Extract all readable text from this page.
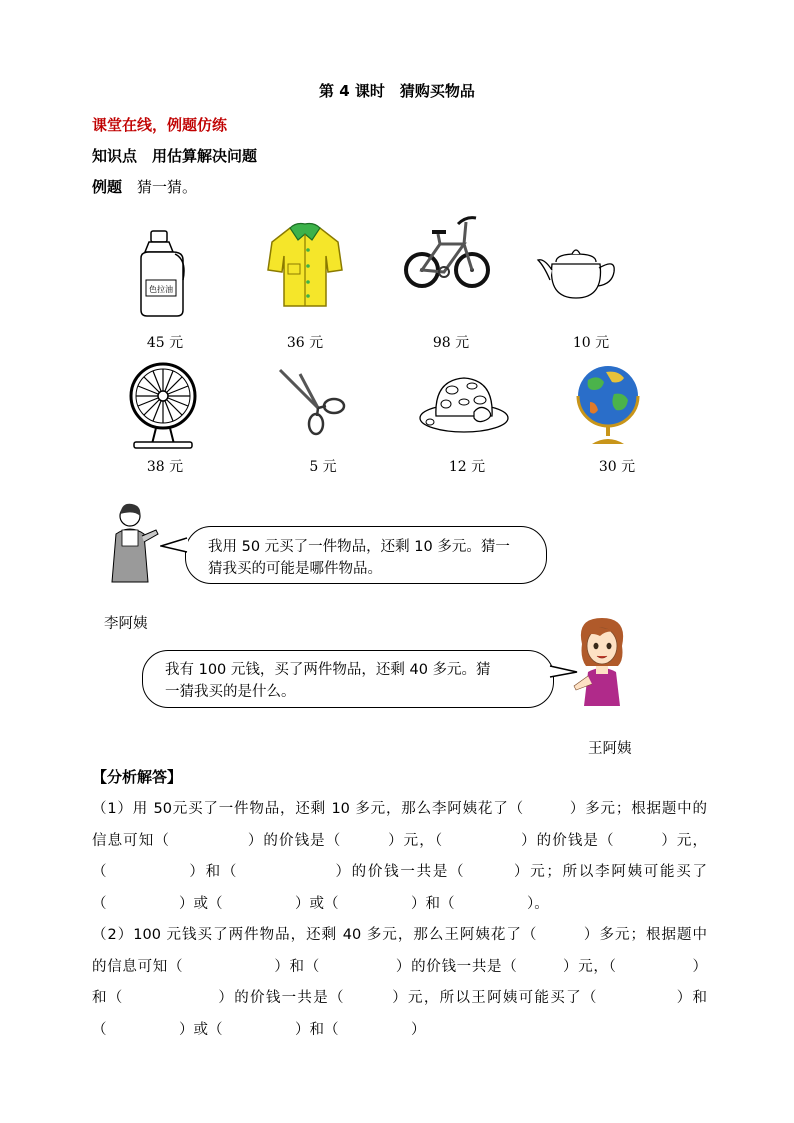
第 4 课时　猜购买物品
课堂在线，例题仿练
知识点　用估算解决问题
例题　 猜一猜。
色拉油
45 元	36 元	98 元	10 元
38 元	5 元	12 元	30 元
我用 50 元买了一件物品，还剩 10 多元。猜一
猜我买的可能是哪件物品。
李阿姨
我有 100 元钱，买了两件物品，还剩 40 多元。猜
一猜我买的是什么。
王阿姨
【分析解答】
（1）用 50元买了一件物品，还剩 10 多元，那么李阿姨花了（　　　）多元；根据题中的
信息可知（　　　　　）的价钱是（　　　）元，（　　　　　）的价钱是（　　　）元，
（　　　　　）和（　　　　　　）的价钱一共是（　　　）元；所以李阿姨可能买了
（　　　　　）或（　　　　　）或（　　　　　）和（　　　　　）。
（2）100 元钱买了两件物品，还剩 40 多元，那么王阿姨花了（　　　）多元；根据题中
的信息可知（　　　　　　）和（　　　　　）的价钱一共是（　　　）元，（　　　　　）
和（　　　　　　）的价钱一共是（　　　）元，所以王阿姨可能买了（　　　　　）和
（　　　　　）或（　　　　　）和（　　　　　）
